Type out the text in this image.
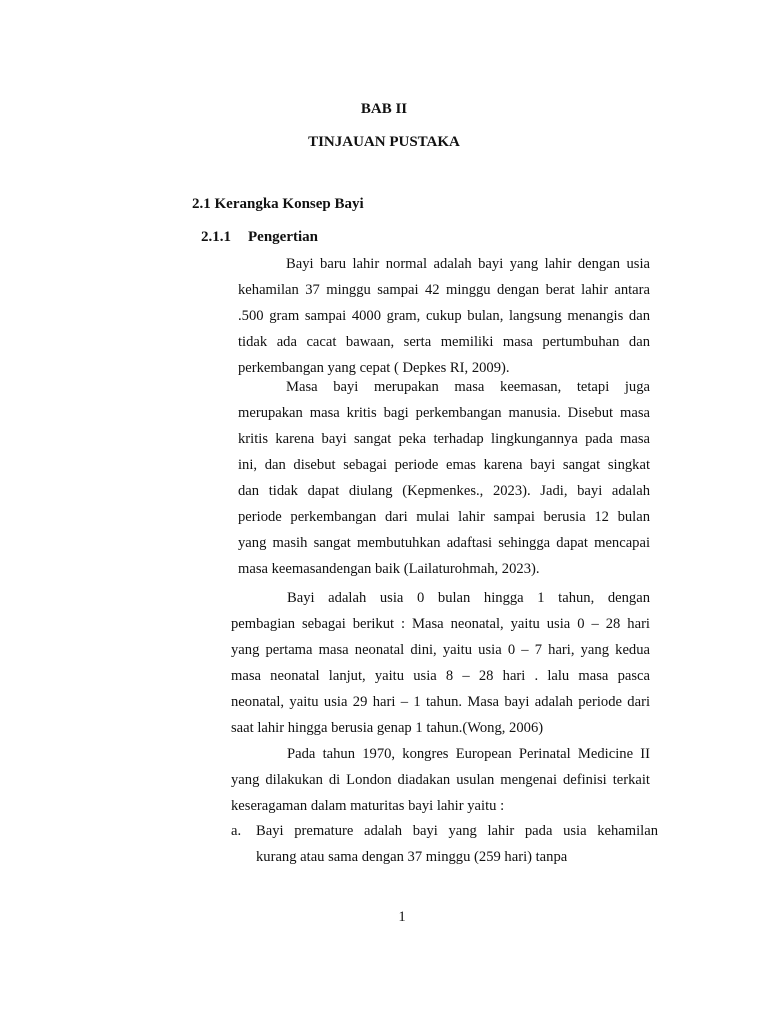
BAB II
TINJAUAN PUSTAKA
2.1 Kerangka Konsep Bayi
2.1.1 Pengertian
Bayi baru lahir normal adalah bayi yang lahir dengan usia
kehamilan 37 minggu sampai 42 minggu dengan berat lahir antara
.500 gram sampai 4000 gram, cukup bulan, langsung menangis dan
tidak ada cacat bawaan, serta memiliki masa pertumbuhan dan
perkembangan yang cepat ( Depkes RI, 2009).
Masa bayi merupakan masa keemasan, tetapi juga
merupakan masa kritis bagi perkembangan manusia. Disebut masa
kritis karena bayi sangat peka terhadap lingkungannya pada masa
ini, dan disebut sebagai periode emas karena bayi sangat singkat
dan tidak dapat diulang (Kepmenkes., 2023). Jadi, bayi adalah
periode perkembangan dari mulai lahir sampai berusia 12 bulan
yang masih sangat membutuhkan adaftasi sehingga dapat mencapai
masa keemasandengan baik (Lailaturohmah, 2023).
Bayi adalah usia 0 bulan hingga 1 tahun, dengan
pembagian sebagai berikut : Masa neonatal, yaitu usia 0 – 28 hari
yang pertama masa neonatal dini, yaitu usia 0 – 7 hari, yang kedua
masa neonatal lanjut, yaitu usia 8 – 28 hari . lalu masa pasca
neonatal, yaitu usia 29 hari – 1 tahun. Masa bayi adalah periode dari
saat lahir hingga berusia genap 1 tahun.(Wong, 2006)
Pada tahun 1970, kongres European Perinatal Medicine II
yang dilakukan di London diadakan usulan mengenai definisi terkait
keseragaman dalam maturitas bayi lahir yaitu :
a. Bayi premature adalah bayi yang lahir pada usia kehamilan
kurang atau sama dengan 37 minggu (259 hari) tanpa
1
